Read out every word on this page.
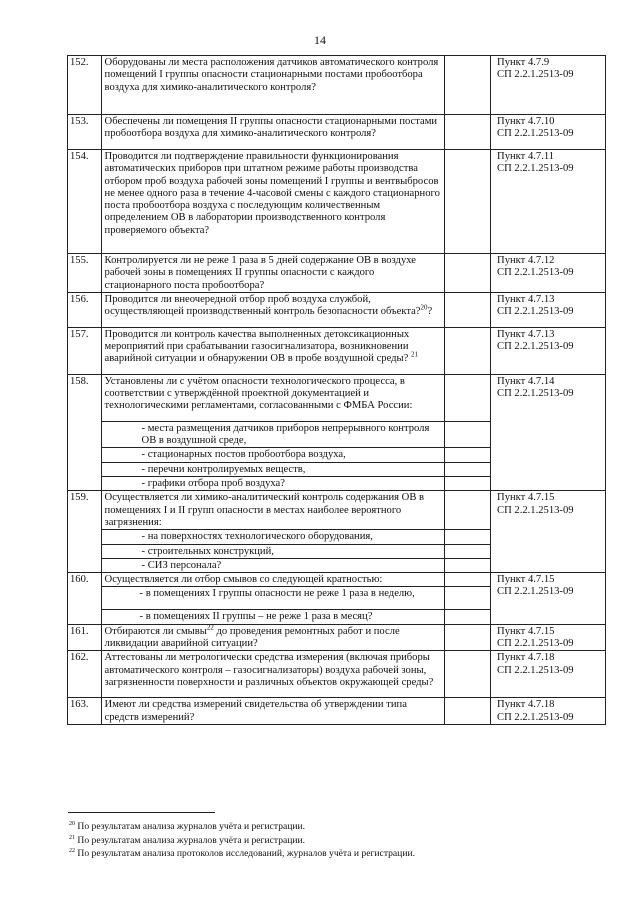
14
152.	Оборудованы ли места расположения датчиков автоматического контроля помещений I группы опасности стационарными постами пробоотбора воздуха для химико-аналитического контроля?		Пункт 4.7.9
СП 2.2.1.2513-09

153.	Обеспечены ли помещения II группы опасности стационарными постами пробоотбора воздуха для химико-аналитического контроля?		Пункт 4.7.10
СП 2.2.1.2513-09

154.	Проводится ли подтверждение правильности функционирования автоматических приборов при штатном режиме работы производства отбором проб воздуха рабочей зоны помещений I группы и вентвыбросов не менее одного раза в течение 4-часовой смены с каждого стационарного поста пробоотбора воздуха с последующим количественным определением ОВ в лаборатории производственного контроля проверяемого объекта?		Пункт 4.7.11
СП 2.2.1.2513-09

155.	Контролируется ли не реже 1 раза в 5 дней содержание ОВ в воздухе рабочей зоны в помещениях II группы опасности с каждого стационарного поста пробоотбора?		Пункт 4.7.12
СП 2.2.1.2513-09

156.	Проводится ли внеочередной отбор проб воздуха службой, осуществляющей производственный контроль безопасности объекта?$^{20}$?		Пункт 4.7.13
СП 2.2.1.2513-09

157.	Проводится ли контроль качества выполненных детоксикационных мероприятий при срабатывании газосигнализатора, возникновении аварийной ситуации и обнаружении ОВ в пробе воздушной среды? $^{21}$		Пункт 4.7.13
СП 2.2.1.2513-09

158.	Установлены ли с учётом опасности технологического процесса, в соответствии с утверждённой проектной документацией и технологическими регламентами, согласованными с ФМБА России:		Пункт 4.7.14
СП 2.2.1.2513-09

	- места размещения датчиков приборов непрерывного контроля ОВ в воздушной среде,		
	- стационарных постов пробоотбора воздуха,		
	- перечни контролируемых веществ,		
	- графики отбора проб воздуха?		
159.	Осуществляется ли химико-аналитический контроль содержания ОВ в помещениях I и II групп опасности в местах наиболее вероятного загрязнения:		Пункт 4.7.15
СП 2.2.1.2513-09

	- на поверхностях технологического оборудования,		
	- строительных конструкций,		
	- СИЗ персонала?		
160.	Осуществляется ли отбор смывов со следующей кратностью:		Пункт 4.7.15
СП 2.2.1.2513-09

	- в помещениях I группы опасности не реже 1 раза в неделю,		
	- в помещениях II группы – не реже 1 раза в месяц?		
161.	Отбираются ли смывы$^{22}$ до проведения ремонтных работ и после ликвидации аварийной ситуации?		Пункт 4.7.15
СП 2.2.1.2513-09

162.	Аттестованы ли метрологически средства измерения (включая приборы автоматического контроля – газосигнализаторы) воздуха рабочей зоны, загрязненности поверхности и различных объектов окружающей среды?		Пункт 4.7.18
СП 2.2.1.2513-09

163.	Имеют ли средства измерений свидетельства об утверждении типа средств измерений?		Пункт 4.7.18
СП 2.2.1.2513-09
$^{20}$ По результатам анализа журналов учёта и регистрации.
$^{21}$ По результатам анализа журналов учёта и регистрации.
$^{22}$ По результатам анализа протоколов исследований, журналов учёта и регистрации.
